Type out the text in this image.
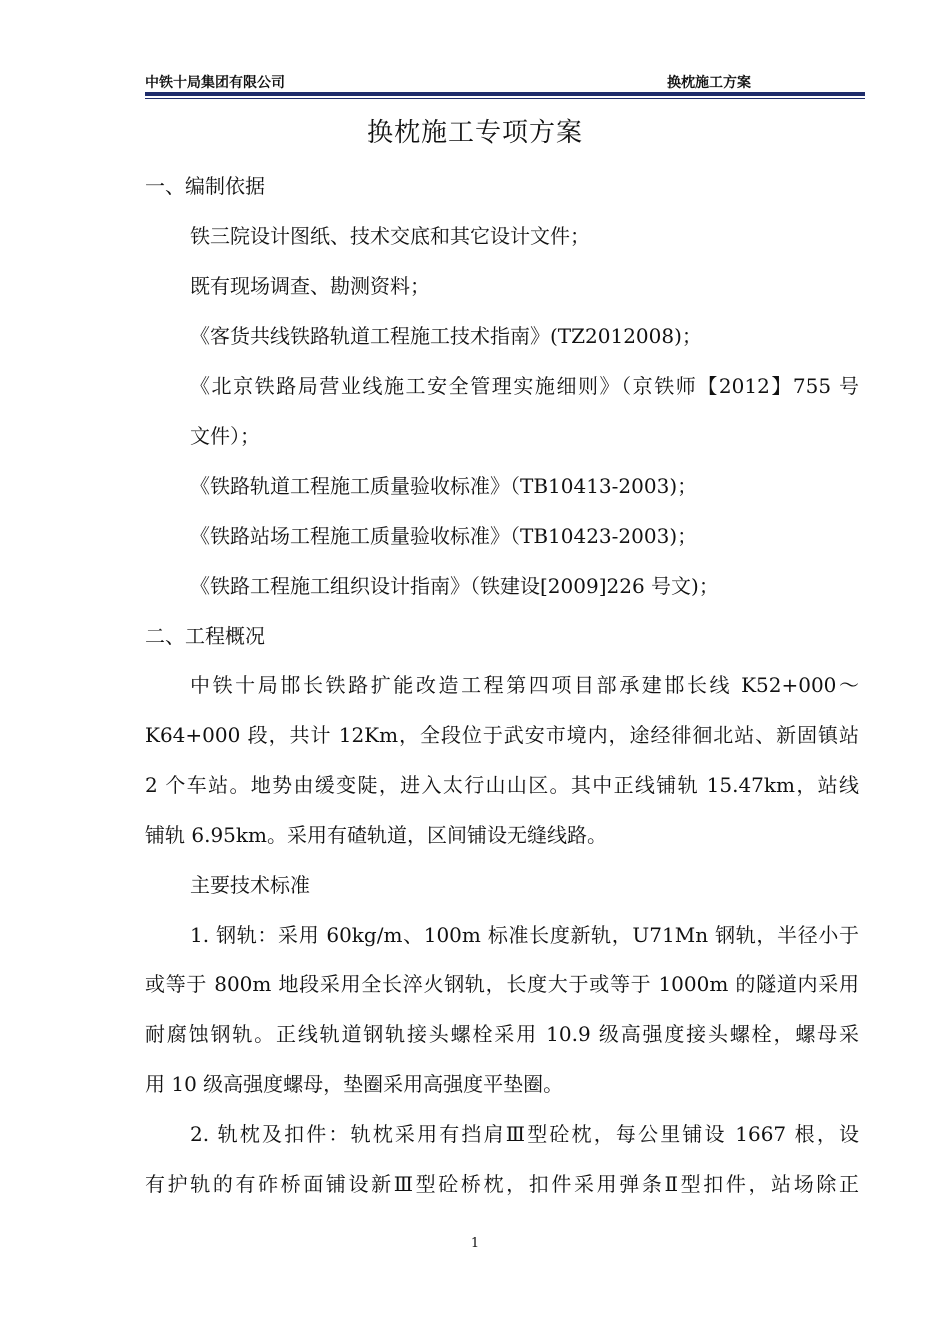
中铁十局集团有限公司	换枕施工方案
换枕施工专项方案
一、编制依据
铁三院设计图纸、技术交底和其它设计文件；
既有现场调查、勘测资料；
《客货共线铁路轨道工程施工技术指南》(TZ2012008)；
《北京铁路局营业线施工安全管理实施细则》（京铁师【2012】755 号
文件）；
《铁路轨道工程施工质量验收标准》（TB10413-2003)；
《铁路站场工程施工质量验收标准》（TB10423-2003)；
《铁路工程施工组织设计指南》（铁建设[2009]226 号文)；
二、工程概况
中铁十局邯长铁路扩能改造工程第四项目部承建邯长线 K52+000～
K64+000 段，共计 12Km，全段位于武安市境内，途经徘徊北站、新固镇站
2 个车站。地势由缓变陡，进入太行山山区。其中正线铺轨 15.47km，站线
铺轨 6.95km。采用有碴轨道，区间铺设无缝线路。
主要技术标准
1. 钢轨：采用 60kg/m、100m 标准长度新轨，U71Mn 钢轨，半径小于
或等于 800m 地段采用全长淬火钢轨，长度大于或等于 1000m 的隧道内采用
耐腐蚀钢轨。正线轨道钢轨接头螺栓采用 10.9 级高强度接头螺栓，螺母采
用 10 级高强度螺母，垫圈采用高强度平垫圈。
2. 轨枕及扣件：轨枕采用有挡肩Ⅲ型砼枕，每公里铺设 1667 根，设
有护轨的有砟桥面铺设新Ⅲ型砼桥枕，扣件采用弹条Ⅱ型扣件，站场除正
1
